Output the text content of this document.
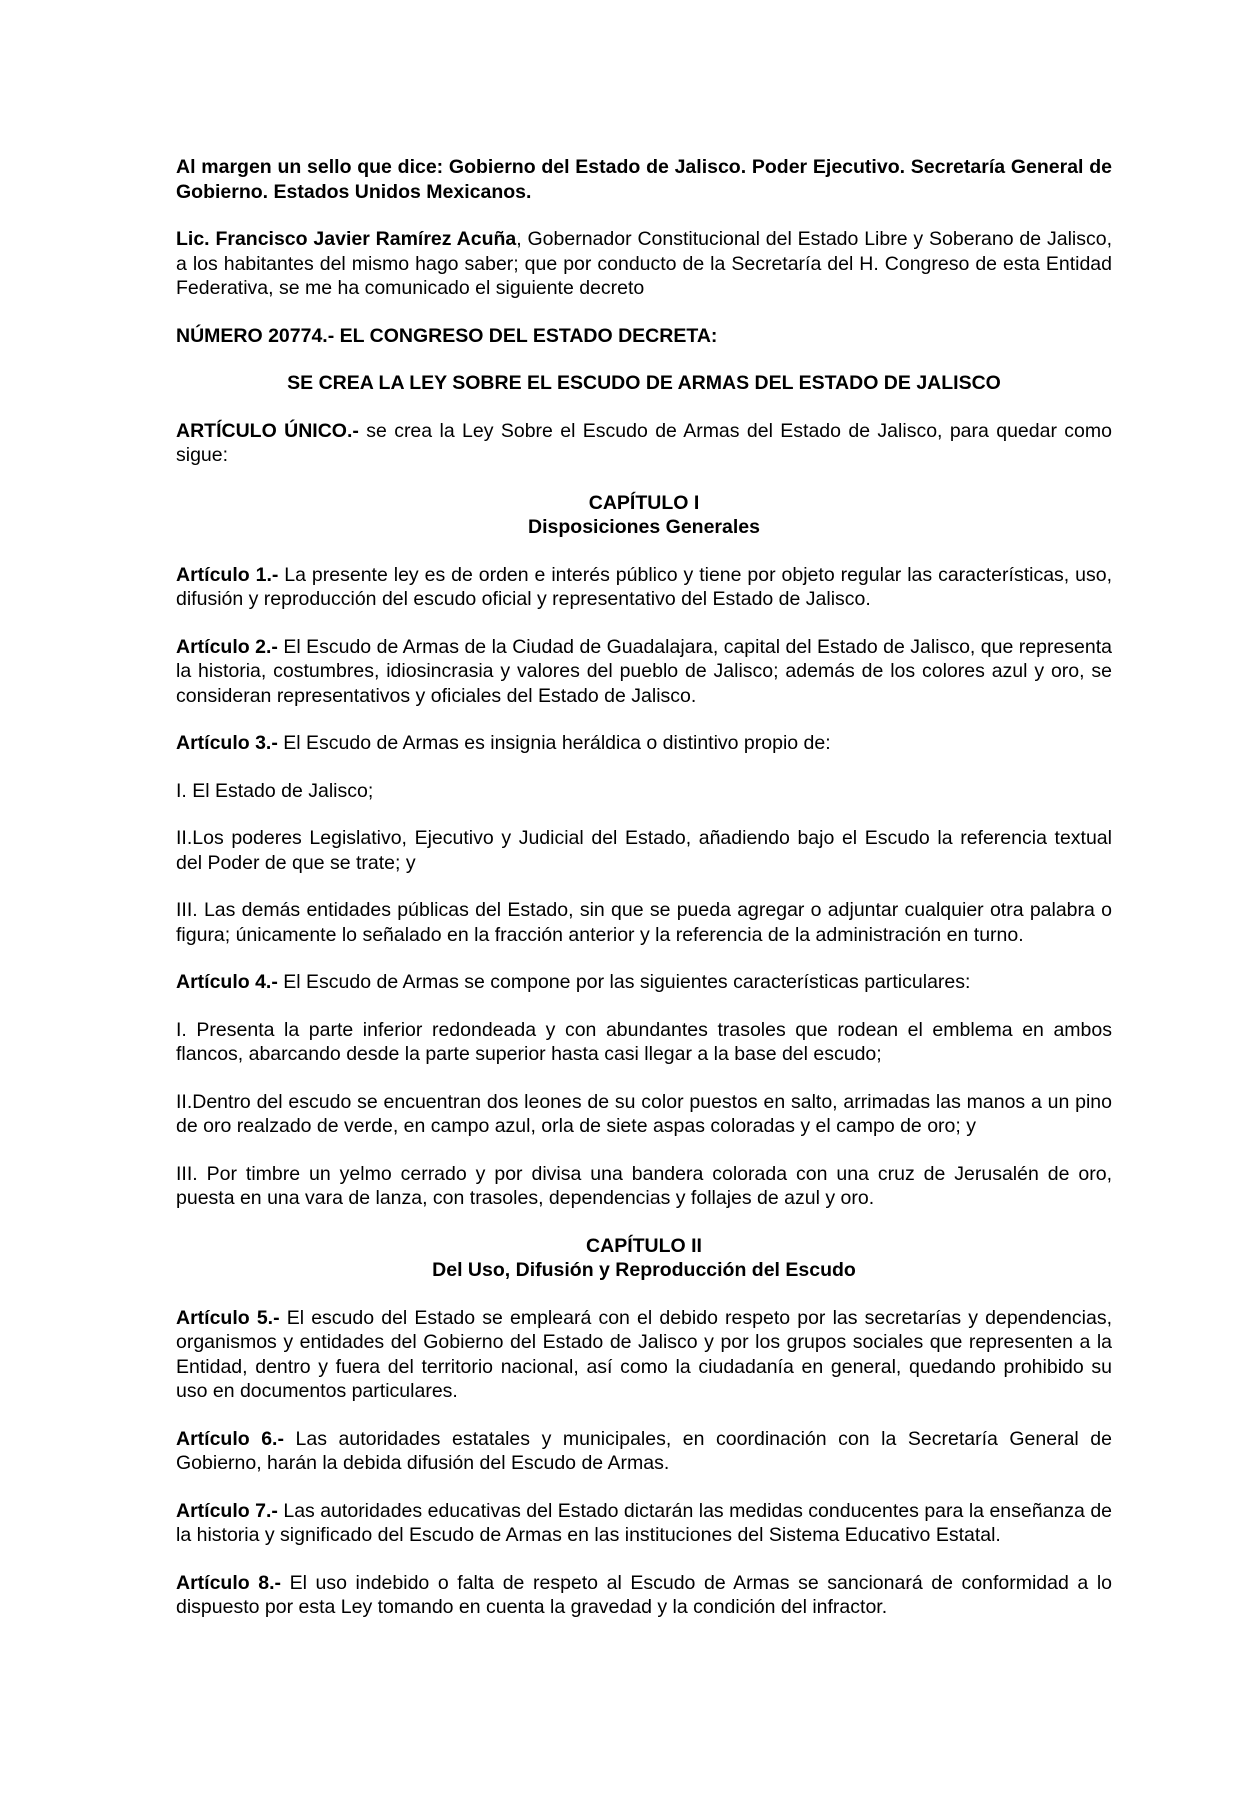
Al margen un sello que dice: Gobierno del Estado de Jalisco. Poder Ejecutivo. Secretaría General de Gobierno. Estados Unidos Mexicanos.

Lic. Francisco Javier Ramírez Acuña, Gobernador Constitucional del Estado Libre y Soberano de Jalisco, a los habitantes del mismo hago saber; que por conducto de la Secretaría del H. Congreso de esta Entidad Federativa, se me ha comunicado el siguiente decreto

NÚMERO 20774.- EL CONGRESO DEL ESTADO DECRETA:

SE CREA LA LEY SOBRE EL ESCUDO DE ARMAS DEL ESTADO DE JALISCO

ARTÍCULO ÚNICO.- se crea la Ley Sobre el Escudo de Armas del Estado de Jalisco, para quedar como sigue:

CAPÍTULO I
Disposiciones Generales

Artículo 1.- La presente ley es de orden e interés público y tiene por objeto regular las características, uso, difusión y reproducción del escudo oficial y representativo del Estado de Jalisco.

Artículo 2.- El Escudo de Armas de la Ciudad de Guadalajara, capital del Estado de Jalisco, que representa la historia, costumbres, idiosincrasia y valores del pueblo de Jalisco; además de los colores azul y oro, se consideran representativos y oficiales del Estado de Jalisco.

Artículo 3.- El Escudo de Armas es insignia heráldica o distintivo propio de:

I. El Estado de Jalisco;

II.Los poderes Legislativo, Ejecutivo y Judicial del Estado, añadiendo bajo el Escudo la referencia textual del Poder de que se trate; y

III. Las demás entidades públicas del Estado, sin que se pueda agregar o adjuntar cualquier otra palabra o figura; únicamente lo señalado en la fracción anterior y la referencia de la administración en turno.

Artículo 4.- El Escudo de Armas se compone por las siguientes características particulares:

I. Presenta la parte inferior redondeada y con abundantes trasoles que rodean el emblema en ambos flancos, abarcando desde la parte superior hasta casi llegar a la base del escudo;

II.Dentro del escudo se encuentran dos leones de su color puestos en salto, arrimadas las manos a un pino de oro realzado de verde, en campo azul, orla de siete aspas coloradas y el campo de oro; y

III. Por timbre un yelmo cerrado y por divisa una bandera colorada con una cruz de Jerusalén de oro, puesta en una vara de lanza, con trasoles, dependencias y follajes de azul y oro.

CAPÍTULO II
Del Uso, Difusión y Reproducción del Escudo

Artículo 5.- El escudo del Estado se empleará con el debido respeto por las secretarías y dependencias, organismos y entidades del Gobierno del Estado de Jalisco y por los grupos sociales que representen a la Entidad, dentro y fuera del territorio nacional, así como la ciudadanía en general, quedando prohibido su uso en documentos particulares.

Artículo 6.- Las autoridades estatales y municipales, en coordinación con la Secretaría General de Gobierno, harán la debida difusión del Escudo de Armas.

Artículo 7.- Las autoridades educativas del Estado dictarán las medidas conducentes para la enseñanza de la historia y significado del Escudo de Armas en las instituciones del Sistema Educativo Estatal.

Artículo 8.- El uso indebido o falta de respeto al Escudo de Armas se sancionará de conformidad a lo dispuesto por esta Ley tomando en cuenta la gravedad y la condición del infractor.
